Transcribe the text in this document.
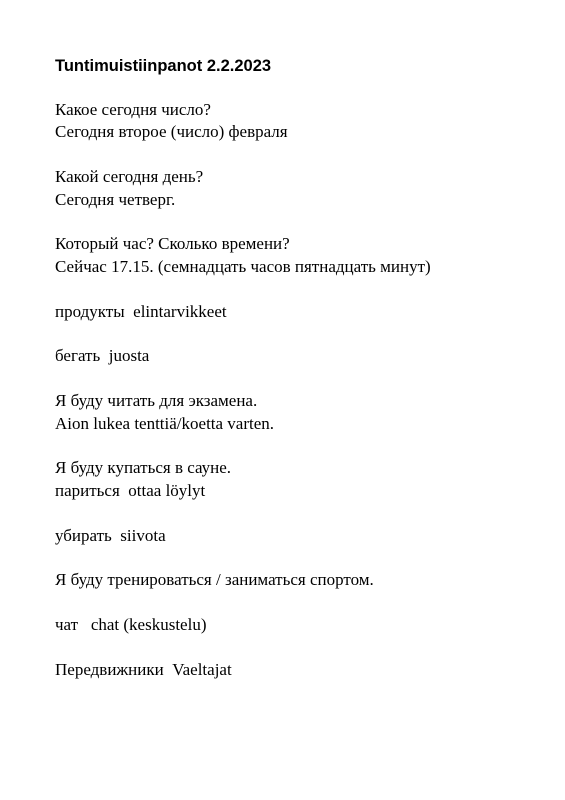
Tuntimuistiinpanot 2.2.2023
Какое сегодня число?
Сегодня второе (число) февраля
Какой сегодня день?
Сегодня четверг.
Который час? Сколько времени?
Сейчас 17.15. (семнадцать часов пятнадцать минут)
продукты  elintarvikkeet
бегать  juosta
Я буду читать для экзамена.
Aion lukea tenttiä/koetta varten.
Я буду купаться в сауне.
париться  ottaa löylyt
убирать  siivota
Я буду тренироваться / заниматься спортом.
чат   chat (keskustelu)
Передвижники  Vaeltajat
